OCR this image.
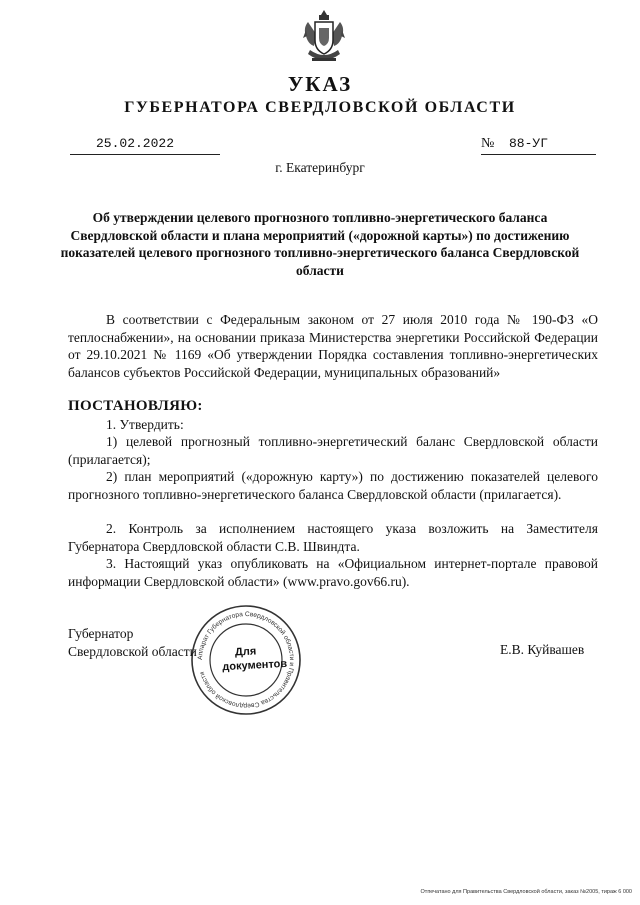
УКАЗ
ГУБЕРНАТОРА СВЕРДЛОВСКОЙ ОБЛАСТИ
25.02.2022	№ 88-УГ
г. Екатеринбург
Об утверждении целевого прогнозного топливно-энергетического баланса Свердловской области и плана мероприятий («дорожной карты») по достижению показателей целевого прогнозного топливно-энергетического баланса Свердловской области
В соответствии с Федеральным законом от 27 июля 2010 года № 190-ФЗ «О теплоснабжении», на основании приказа Министерства энергетики Российской Федерации от 29.10.2021 № 1169 «Об утверждении Порядка составления топливно-энергетических балансов субъектов Российской Федерации, муниципальных образований»
ПОСТАНОВЛЯЮ:
1. Утвердить:
1) целевой прогнозный топливно-энергетический баланс Свердловской области (прилагается);
2) план мероприятий («дорожную карту») по достижению показателей целевого прогнозного топливно-энергетического баланса Свердловской области (прилагается).
2. Контроль за исполнением настоящего указа возложить на Заместителя Губернатора Свердловской области С.В. Швиндта.
3. Настоящий указ опубликовать на «Официальном интернет-портале правовой информации Свердловской области» (www.pravo.gov66.ru).
Аппарат Губернатора Свердловской области и Правительства Свердловской области
Для
документов
Губернатор
Свердловской области	Е.В. Куйвашев
Отпечатано для Правительства Свердловской области, заказ №2005, тираж 6 000
